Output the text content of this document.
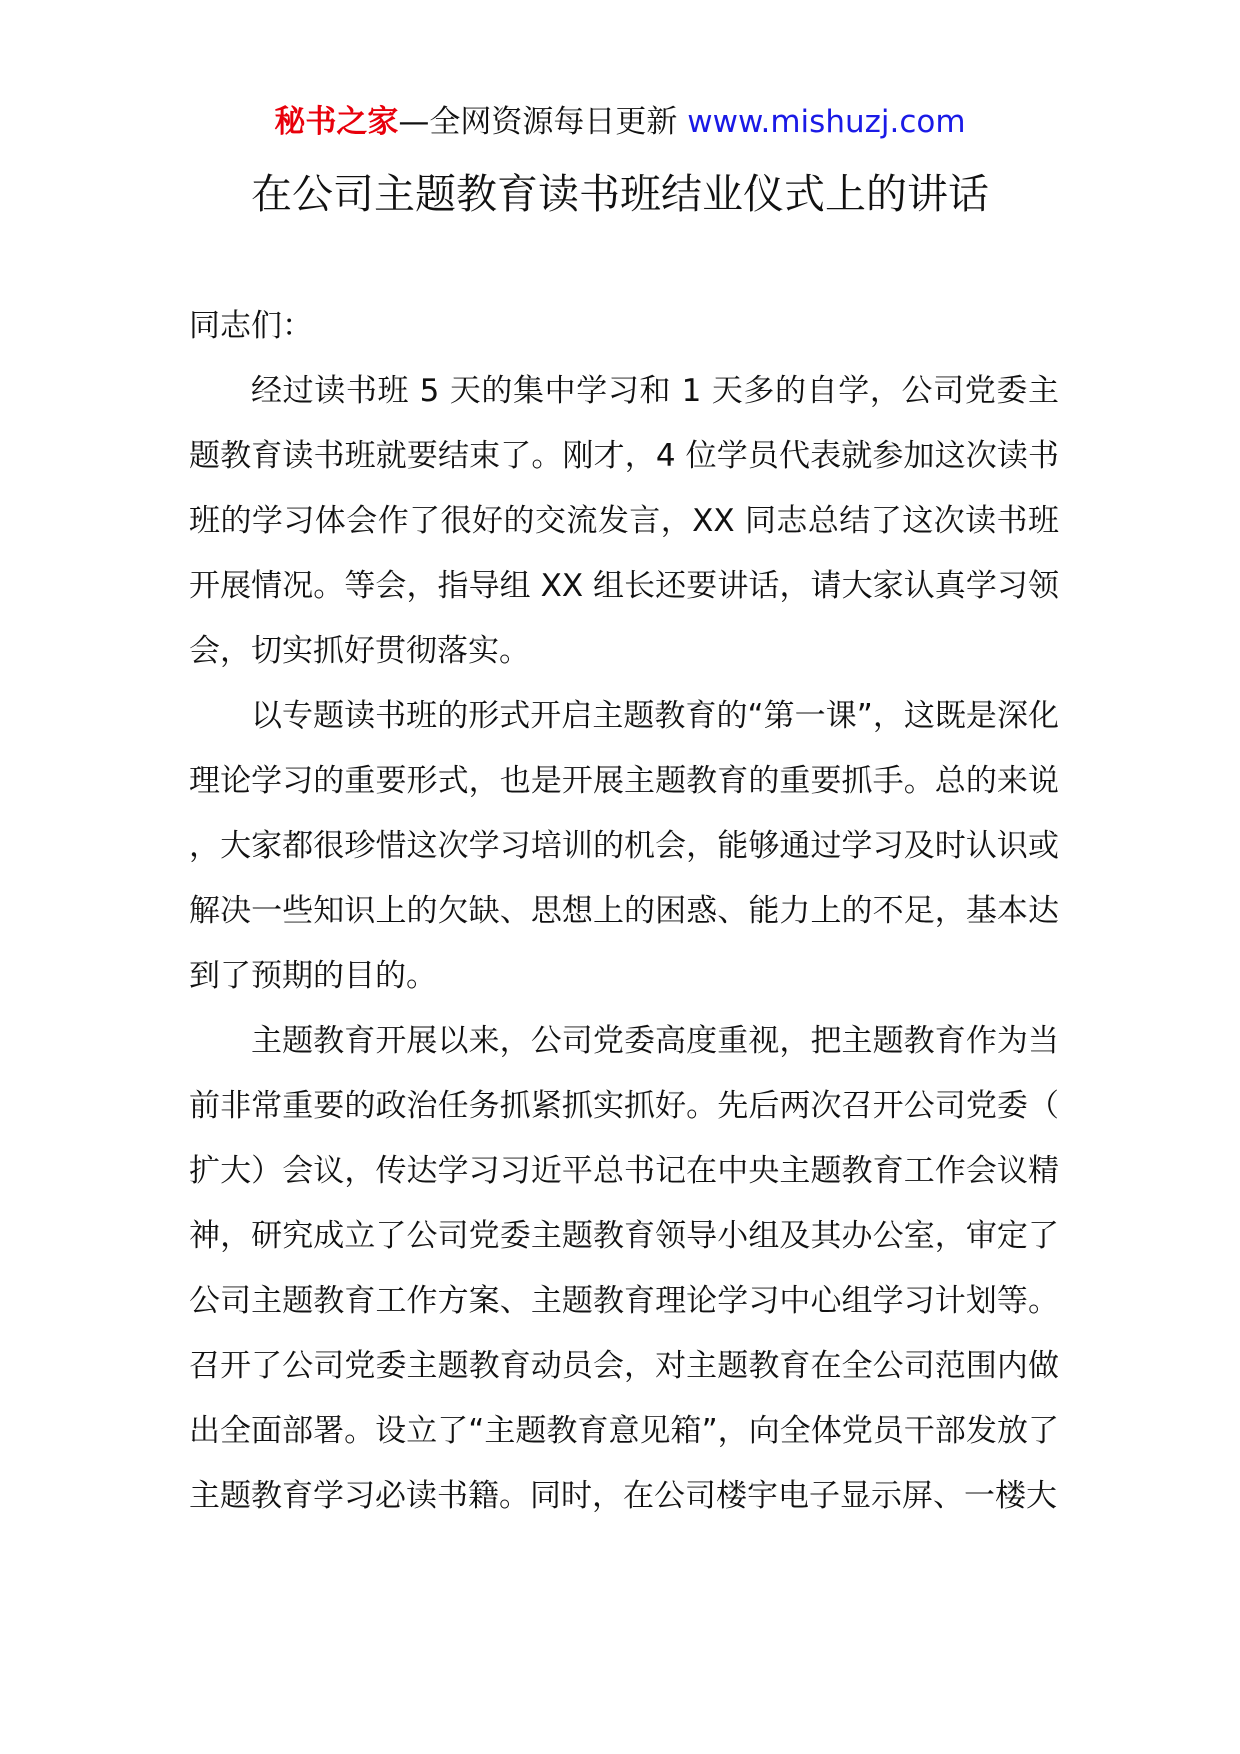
秘书之家—全网资源每日更新 www.mishuzj.com
在公司主题教育读书班结业仪式上的讲话

同志们：

经过读书班 5 天的集中学习和 1 天多的自学，公司党委主题教育读书班就要结束了。刚才，4 位学员代表就参加这次读书班的学习体会作了很好的交流发言，XX 同志总结了这次读书班开展情况。等会，指导组 XX 组长还要讲话，请大家认真学习领会，切实抓好贯彻落实。

以专题读书班的形式开启主题教育的“第一课”，这既是深化理论学习的重要形式，也是开展主题教育的重要抓手。总的来说，大家都很珍惜这次学习培训的机会，能够通过学习及时认识或解决一些知识上的欠缺、思想上的困惑、能力上的不足，基本达到了预期的目的。

主题教育开展以来，公司党委高度重视，把主题教育作为当前非常重要的政治任务抓紧抓实抓好。先后两次召开公司党委（扩大）会议，传达学习习近平总书记在中央主题教育工作会议精神，研究成立了公司党委主题教育领导小组及其办公室，审定了公司主题教育工作方案、主题教育理论学习中心组学习计划等。召开了公司党委主题教育动员会，对主题教育在全公司范围内做出全面部署。设立了“主题教育意见箱”，向全体党员干部发放了主题教育学习必读书籍。同时，在公司楼宇电子显示屏、一楼大
